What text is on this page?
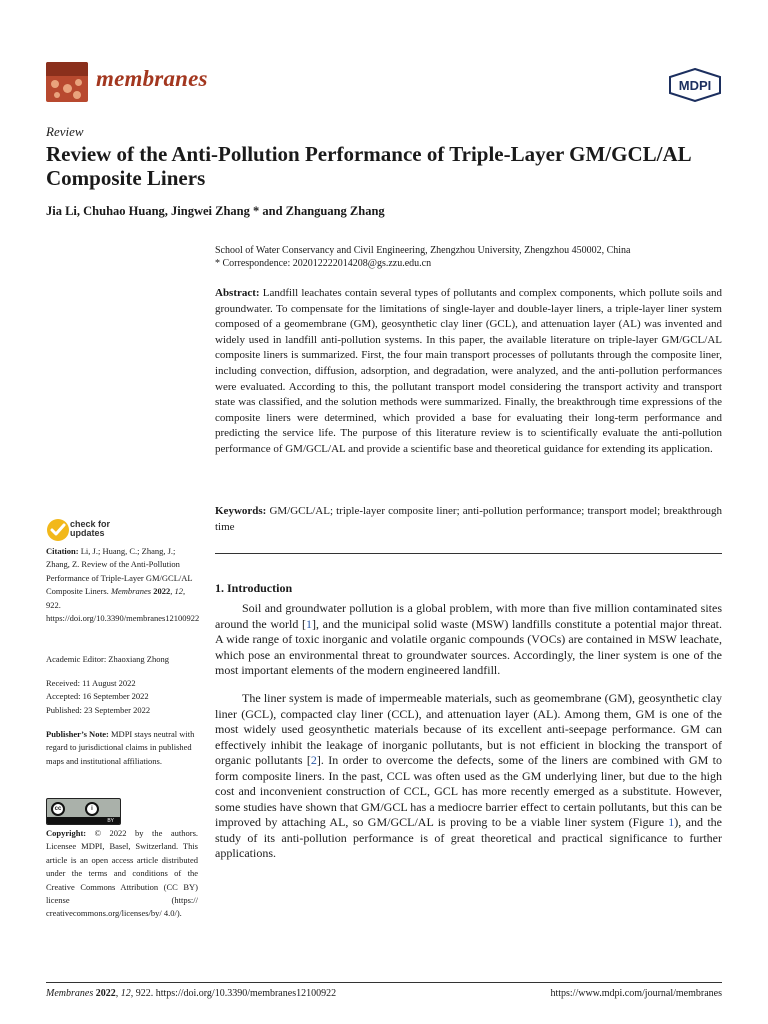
membranes	MDPI
Review
Review of the Anti-Pollution Performance of Triple-Layer GM/GCL/AL Composite Liners
Jia Li, Chuhao Huang, Jingwei Zhang * and Zhanguang Zhang
School of Water Conservancy and Civil Engineering, Zhengzhou University, Zhengzhou 450002, China
* Correspondence: 202012222014208@gs.zzu.edu.cn
Abstract: Landfill leachates contain several types of pollutants and complex components, which pollute soils and groundwater. To compensate for the limitations of single-layer and double-layer liners, a triple-layer liner system composed of a geomembrane (GM), geosynthetic clay liner (GCL), and attenuation layer (AL) was invented and widely used in landfill anti-pollution systems. In this paper, the available literature on triple-layer GM/GCL/AL composite liners is summarized. First, the four main transport processes of pollutants through the composite liner, including convection, diffusion, adsorption, and degradation, were analyzed, and the anti-pollution performances were evaluated. According to this, the pollutant transport model considering the transport activity and transport state was classified, and the solution methods were summarized. Finally, the breakthrough time expressions of the composite liners were determined, which provided a base for evaluating their long-term performance and predicting the service life. The purpose of this literature review is to scientifically evaluate the anti-pollution performance of GM/GCL/AL and provide a scientific base and theoretical guidance for extending its application.
Keywords: GM/GCL/AL; triple-layer composite liner; anti-pollution performance; transport model; breakthrough time
1. Introduction
Soil and groundwater pollution is a global problem, with more than five million contaminated sites around the world [1], and the municipal solid waste (MSW) landfills constitute a potential major threat. A wide range of toxic inorganic and volatile organic compounds (VOCs) are contained in MSW leachate, which pose an environmental threat to groundwater sources. Accordingly, the liner system is one of the most important elements of the modern engineered landfill.
The liner system is made of impermeable materials, such as geomembrane (GM), geosynthetic clay liner (GCL), compacted clay liner (CCL), and attenuation layer (AL). Among them, GM is one of the most widely used geosynthetic materials because of its excellent anti-seepage performance. GM can effectively inhibit the leakage of inorganic pollutants, but is not efficient in blocking the transport of organic pollutants [2]. In order to overcome the defects, some of the liners are combined with GM to form composite liners. In the past, CCL was often used as the GM underlying liner, but due to the high cost and inconvenient construction of CCL, GCL has more recently emerged as a substitute. However, some studies have shown that GM/GCL has a mediocre barrier effect to certain pollutants, but this can be improved by attaching AL, so GM/GCL/AL is proving to be a viable liner system (Figure 1), and the study of its anti-pollution performance is of great theoretical and practical significance to further applications.
check for
updates
Citation: Li, J.; Huang, C.; Zhang, J.; Zhang, Z. Review of the Anti-Pollution Performance of Triple-Layer GM/GCL/AL Composite Liners. Membranes 2022, 12, 922. https://doi.org/10.3390/membranes12100922
Academic Editor: Zhaoxiang Zhong
Received: 11 August 2022
Accepted: 16 September 2022
Published: 23 September 2022
Publisher’s Note: MDPI stays neutral with regard to jurisdictional claims in published maps and institutional affiliations.
cc	i
BY
Copyright: © 2022 by the authors. Licensee MDPI, Basel, Switzerland. This article is an open access article distributed under the terms and conditions of the Creative Commons Attribution (CC BY) license (https:// creativecommons.org/licenses/by/ 4.0/).
Membranes 2022, 12, 922. https://doi.org/10.3390/membranes12100922	https://www.mdpi.com/journal/membranes
